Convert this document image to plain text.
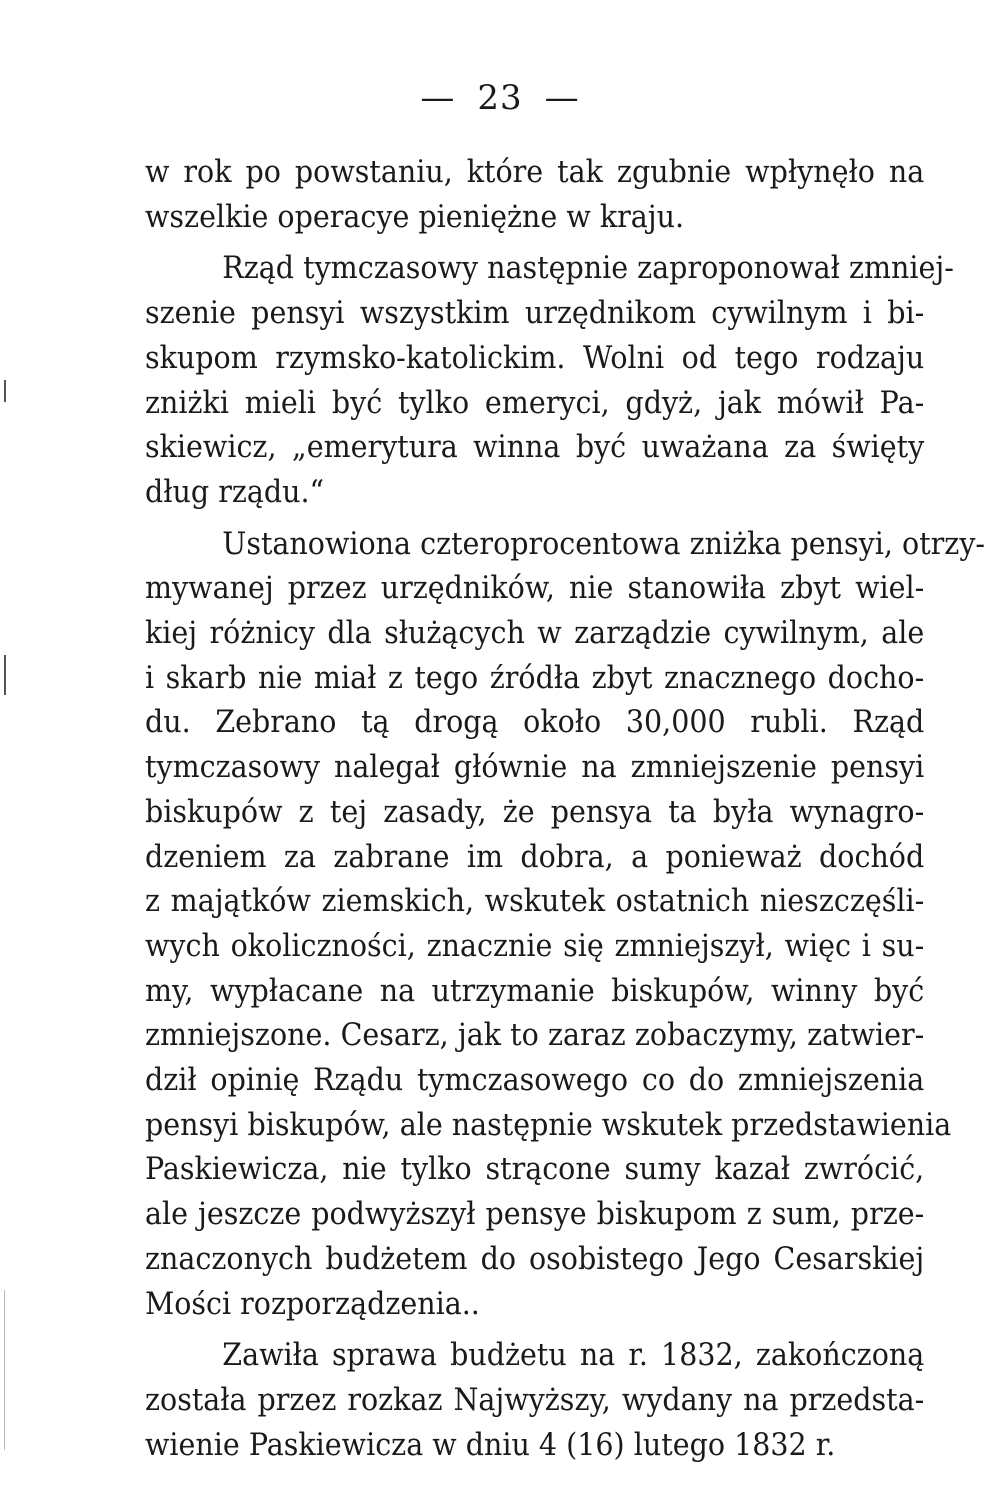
— 23 —
w rok po powstaniu, które tak zgubnie wpłynęło na
wszelkie operacye pieniężne w kraju.
Rząd tymczasowy następnie zaproponował zmniej-
szenie pensyi wszystkim urzędnikom cywilnym i bi-
skupom rzymsko-katolickim. Wolni od tego rodzaju
zniżki mieli być tylko emeryci, gdyż, jak mówił Pa-
skiewicz, „emerytura winna być uważana za święty
dług rządu.“
Ustanowiona czteroprocentowa zniżka pensyi, otrzy-
mywanej przez urzędników, nie stanowiła zbyt wiel-
kiej różnicy dla służących w zarządzie cywilnym, ale
i skarb nie miał z tego źródła zbyt znacznego docho-
du. Zebrano tą drogą około 30,000 rubli. Rząd
tymczasowy nalegał głównie na zmniejszenie pensyi
biskupów z tej zasady, że pensya ta była wynagro-
dzeniem za zabrane im dobra, a ponieważ dochód
z majątków ziemskich, wskutek ostatnich nieszczęśli-
wych okoliczności, znacznie się zmniejszył, więc i su-
my, wypłacane na utrzymanie biskupów, winny być
zmniejszone. Cesarz, jak to zaraz zobaczymy, zatwier-
dził opinię Rządu tymczasowego co do zmniejszenia
pensyi biskupów, ale następnie wskutek przedstawienia
Paskiewicza, nie tylko strącone sumy kazał zwrócić,
ale jeszcze podwyższył pensye biskupom z sum, prze-
znaczonych budżetem do osobistego Jego Cesarskiej
Mości rozporządzenia..
Zawiła sprawa budżetu na r. 1832, zakończoną
została przez rozkaz Najwyższy, wydany na przedsta-
wienie Paskiewicza w dniu 4 (16) lutego 1832 r.
